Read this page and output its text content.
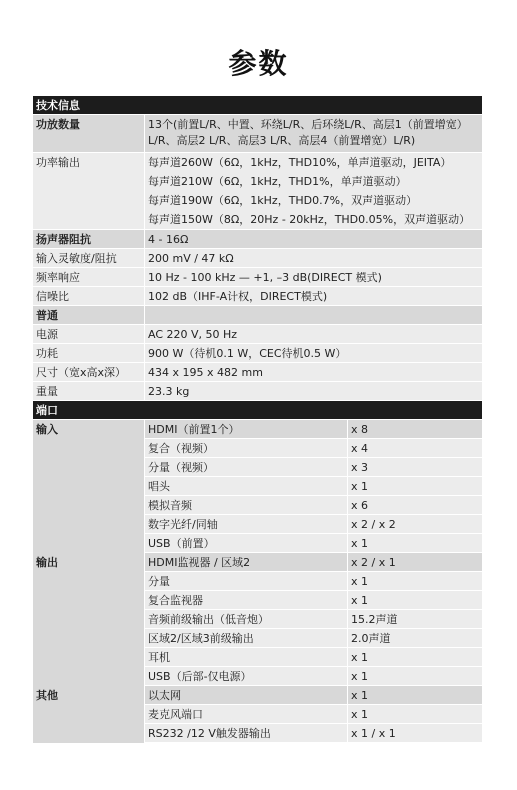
参数
技术信息
功放数量	13个(前置L/R、中置、环绕L/R、后环绕L/R、高层1（前置增宽）L/R、高层2 L/R、高层3 L/R、高层4（前置增宽）L/R)
功率输出	每声道260W（6Ω，1kHz，THD10%，单声道驱动，JEITA）
每声道210W（6Ω，1kHz，THD1%，单声道驱动）
每声道190W（6Ω，1kHz，THD0.7%，双声道驱动）
每声道150W（8Ω，20Hz - 20kHz，THD0.05%，双声道驱动）
扬声器阻抗	4 - 16Ω
输入灵敏度/阻抗	200 mV / 47 kΩ
频率响应	10 Hz - 100 kHz — +1, –3 dB(DIRECT 模式)
信噪比	102 dB（IHF-A计权，DIRECT模式)
普通
电源	AC 220 V, 50 Hz
功耗	900 W（待机0.1 W，CEC待机0.5 W）
尺寸（宽x高x深）	434 x 195 x 482 mm
重量	23.3 kg
端口
输入	HDMI（前置1个）	x 8
复合（视频）	x 4
分量（视频）	x 3
唱头	x 1
模拟音频	x 6
数字光纤/同轴	x 2 / x 2
USB（前置）	x 1
输出	HDMI监视器 / 区域2	x 2 / x 1
分量	x 1
复合监视器	x 1
音频前级输出（低音炮）	15.2声道
区域2/区域3前级输出	2.0声道
耳机	x 1
USB（后部-仅电源）	x 1
其他	以太网	x 1
麦克风端口	x 1
RS232 /12 V触发器输出	x 1 / x 1
